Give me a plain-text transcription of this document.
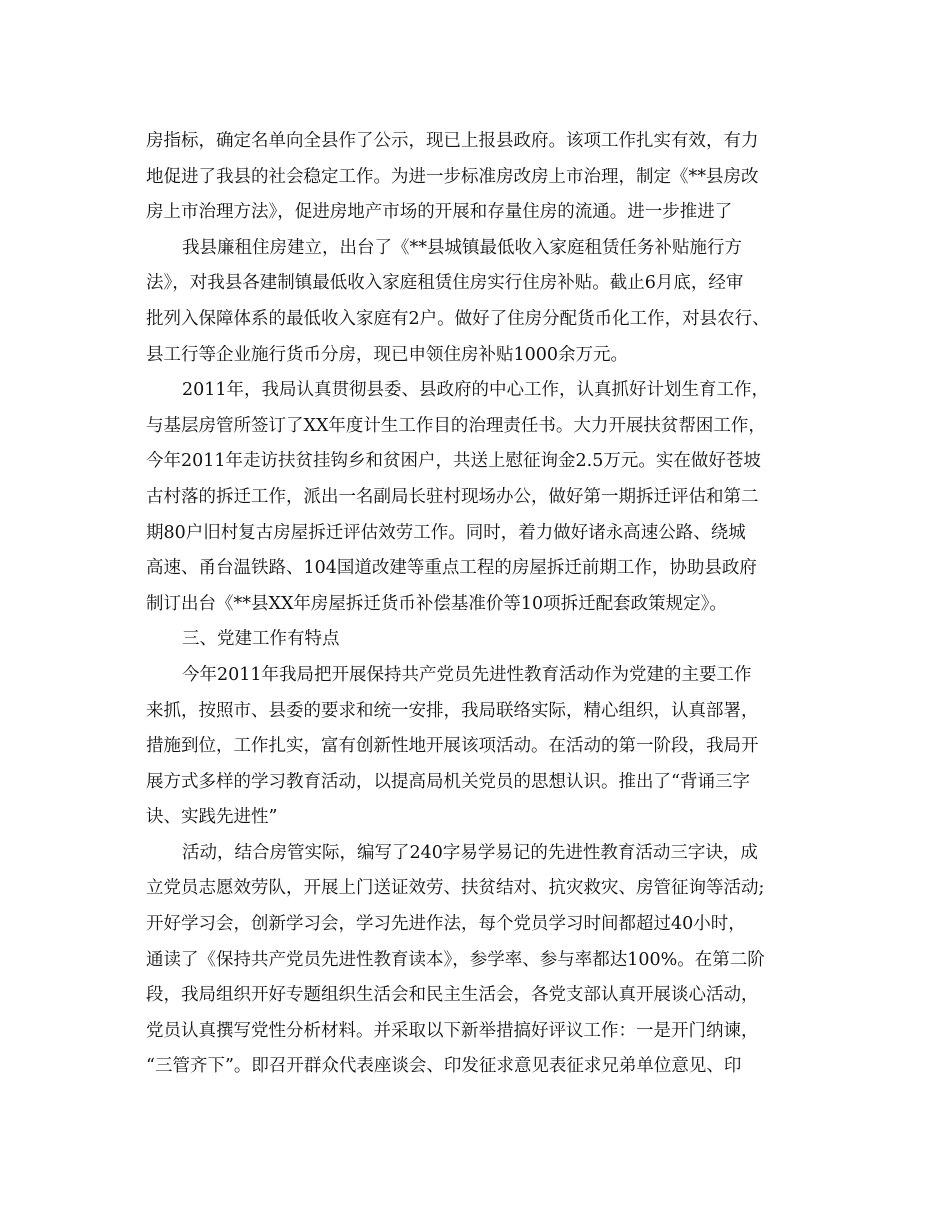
房指标，确定名单向全县作了公示，现已上报县政府。该项工作扎实有效，有力
地促进了我县的社会稳定工作。为进一步标准房改房上市治理，制定《**县房改
房上市治理方法》，促进房地产市场的开展和存量住房的流通。进一步推进了
我县廉租住房建立，出台了《**县城镇最低收入家庭租赁任务补贴施行方
法》，对我县各建制镇最低收入家庭租赁住房实行住房补贴。截止6月底，经审
批列入保障体系的最低收入家庭有2户。做好了住房分配货币化工作，对县农行、
县工行等企业施行货币分房，现已申领住房补贴1000余万元。
2011年，我局认真贯彻县委、县政府的中心工作，认真抓好计划生育工作，
与基层房管所签订了XX年度计生工作目的治理责任书。大力开展扶贫帮困工作，
今年2011年走访扶贫挂钩乡和贫困户，共送上慰征询金2.5万元。实在做好苍坡
古村落的拆迁工作，派出一名副局长驻村现场办公，做好第一期拆迁评估和第二
期80户旧村复古房屋拆迁评估效劳工作。同时，着力做好诸永高速公路、绕城
高速、甬台温铁路、104国道改建等重点工程的房屋拆迁前期工作，协助县政府
制订出台《**县XX年房屋拆迁货币补偿基准价等10项拆迁配套政策规定》。
三、党建工作有特点
今年2011年我局把开展保持共产党员先进性教育活动作为党建的主要工作
来抓，按照市、县委的要求和统一安排，我局联络实际，精心组织，认真部署，
措施到位，工作扎实，富有创新性地开展该项活动。在活动的第一阶段，我局开
展方式多样的学习教育活动，以提高局机关党员的思想认识。推出了“背诵三字
诀、实践先进性”
活动，结合房管实际，编写了240字易学易记的先进性教育活动三字诀，成
立党员志愿效劳队，开展上门送证效劳、扶贫结对、抗灾救灾、房管征询等活动;
开好学习会，创新学习会，学习先进作法，每个党员学习时间都超过40小时，
通读了《保持共产党员先进性教育读本》，参学率、参与率都达100%。在第二阶
段，我局组织开好专题组织生活会和民主生活会，各党支部认真开展谈心活动，
党员认真撰写党性分析材料。并采取以下新举措搞好评议工作：一是开门纳谏，
“三管齐下”。即召开群众代表座谈会、印发征求意见表征求兄弟单位意见、印
